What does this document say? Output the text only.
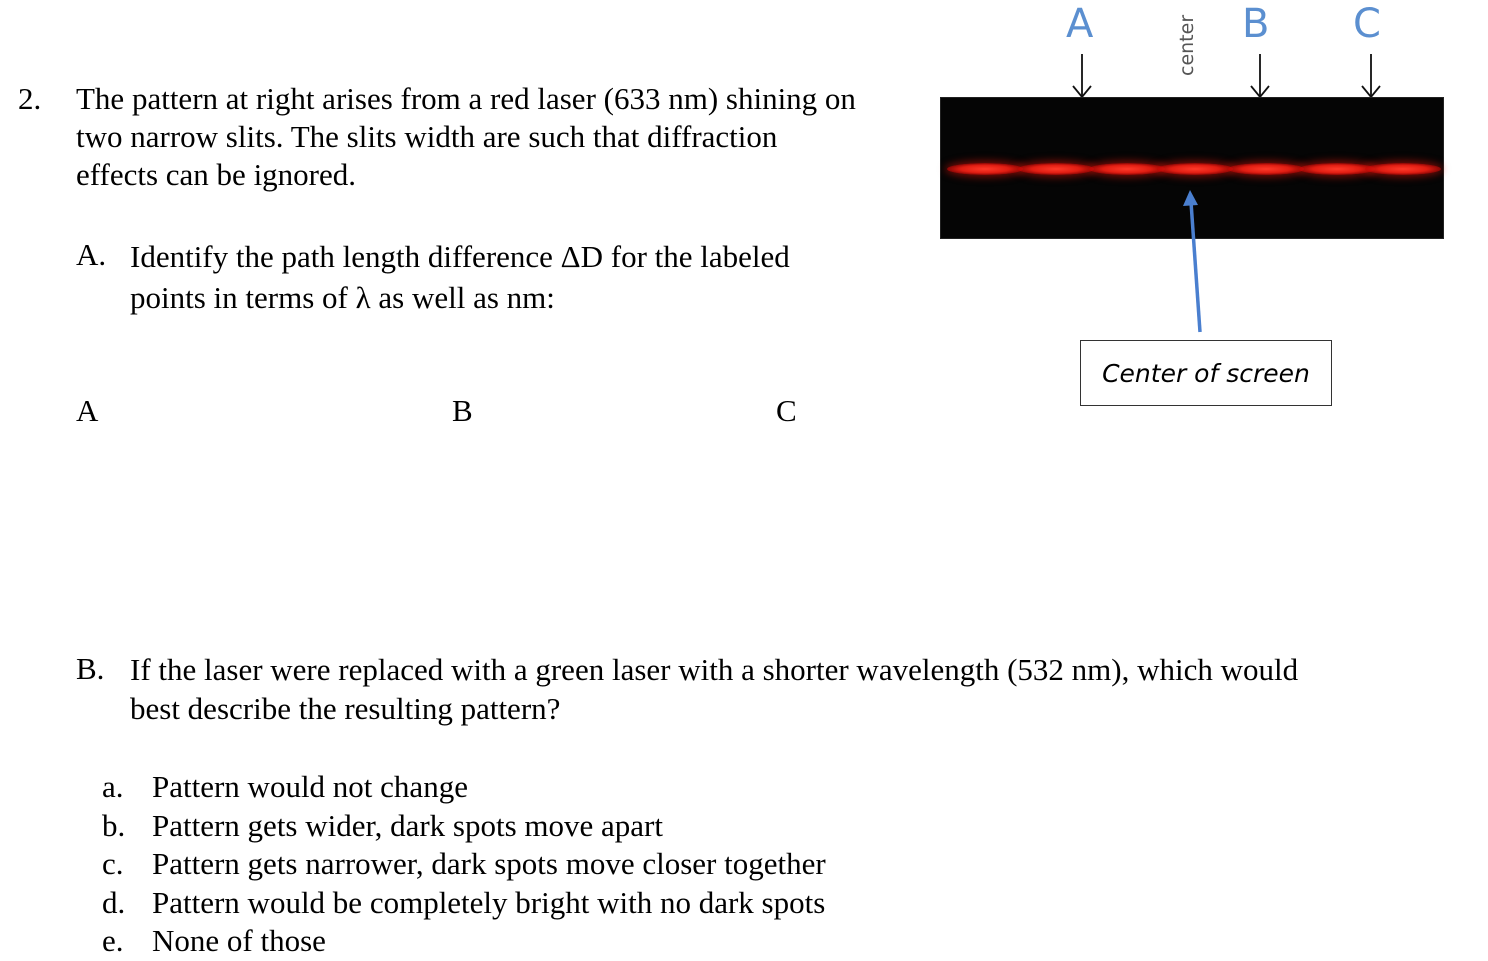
2. The pattern at right arises from a red laser (633 nm) shining on
two narrow slits. The slits width are such that diffraction
effects can be ignored.
A. Identify the path length difference ΔD for the labeled
points in terms of λ as well as nm:
A	B	C
B. If the laser were replaced with a green laser with a shorter wavelength (532 nm), which would
best describe the resulting pattern?
a. Pattern would not change
b. Pattern gets wider, dark spots move apart
c. Pattern gets narrower, dark spots move closer together
d. Pattern would be completely bright with no dark spots
e. None of those
A	B C
center
Center of screen
